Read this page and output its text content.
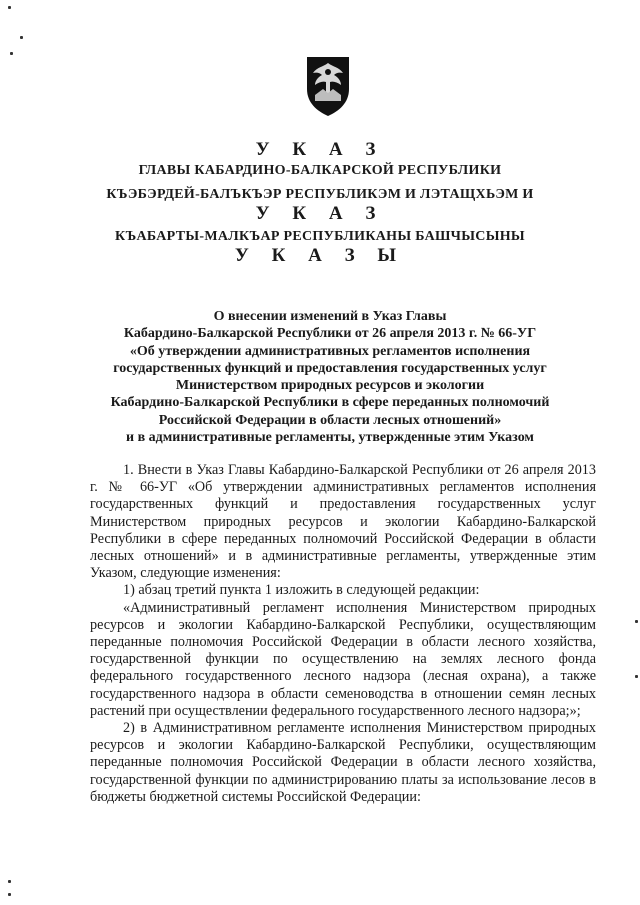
У К А З
ГЛАВЫ КАБАРДИНО-БАЛКАРСКОЙ РЕСПУБЛИКИ
КЪЭБЭРДЕЙ-БАЛЪКЪЭР РЕСПУБЛИКЭМ И ЛЭТАЩХЬЭМ И
У К А З
КЪАБАРТЫ-МАЛКЪАР РЕСПУБЛИКАНЫ БАШЧЫСЫНЫ
У К А З Ы
О внесении изменений в Указ Главы
Кабардино-Балкарской Республики от 26 апреля 2013 г. № 66-УГ
«Об утверждении административных регламентов исполнения
государственных функций и предоставления государственных услуг
Министерством природных ресурсов и экологии
Кабардино-Балкарской Республики в сфере переданных полномочий
Российской Федерации в области лесных отношений»
и в административные регламенты, утвержденные этим Указом

1. Внести в Указ Главы Кабардино-Балкарской Республики от 26 апреля 2013 г. № 66-УГ «Об утверждении административных регламентов исполнения государственных функций и предоставления государственных услуг Министерством природных ресурсов и экологии Кабардино-Балкарской Республики в сфере переданных полномочий Российской Федерации в области лесных отношений» и в административные регламенты, утвержденные этим Указом, следующие изменения:

1) абзац третий пункта 1 изложить в следующей редакции:

«Административный регламент исполнения Министерством природных ресурсов и экологии Кабардино-Балкарской Республики, осуществляющим переданные полномочия Российской Федерации в области лесного хозяйства, государственной функции по осуществлению на землях лесного фонда федерального государственного лесного надзора (лесная охрана), а также государственного надзора в области семеноводства в отношении семян лесных растений при осуществлении федерального государственного лесного надзора;»;

2) в Административном регламенте исполнения Министерством природных ресурсов и экологии Кабардино-Балкарской Республики, осуществляющим переданные полномочия Российской Федерации в области лесного хозяйства, государственной функции по администрированию платы за использование лесов в бюджеты бюджетной системы Российской Федерации:
